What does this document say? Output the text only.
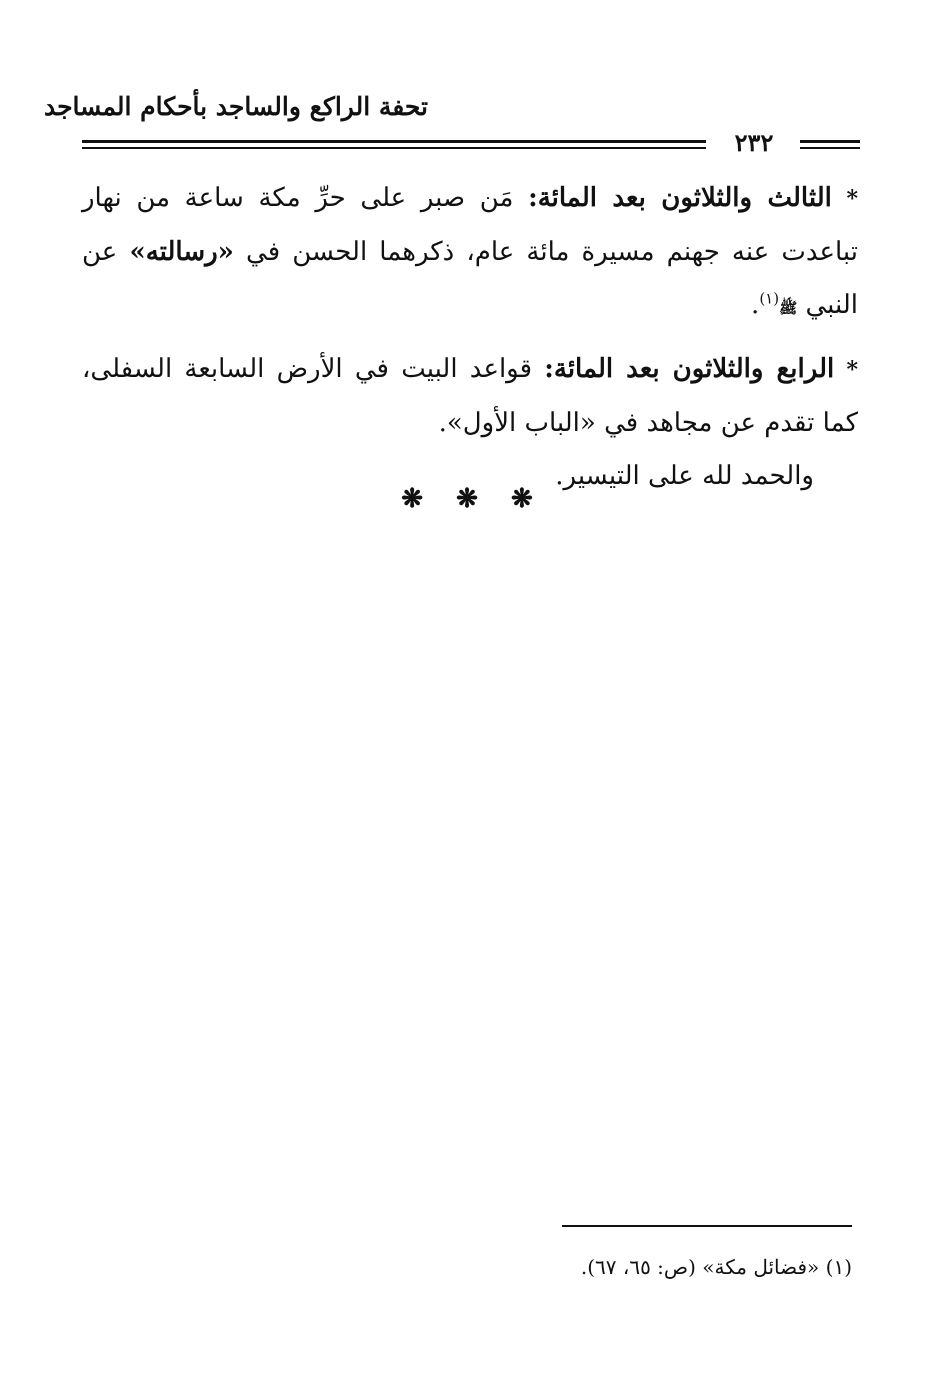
تحفة الراكع والساجد بأحكام المساجد
٢٣٢

* الثالث والثلاثون بعد المائة: مَن صبر على حرِّ مكة ساعة من نهار تباعدت عنه جهنم مسيرة مائة عام، ذكرهما الحسن في «رسالته» عن النبي ﷺ$^{(١)}$.

* الرابع والثلاثون بعد المائة: قواعد البيت في الأرض السابعة السفلى، كما تقدم عن مجاهد في «الباب الأول».

والحمد لله على التيسير.

❋ ❋ ❋
(١) «فضائل مكة» (ص: ٦٥، ٦٧).
